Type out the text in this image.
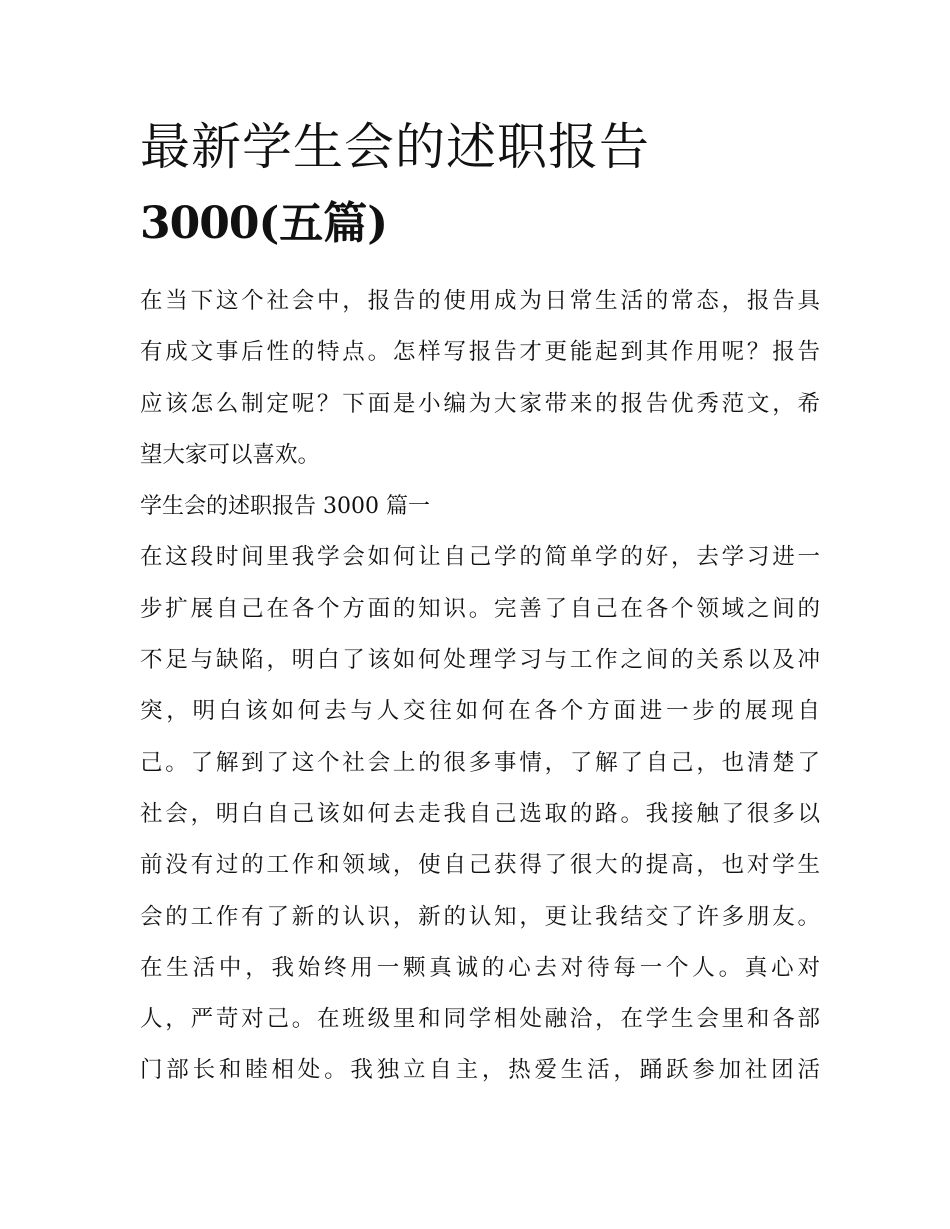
最新学生会的述职报告
3000(五篇)
在当下这个社会中，报告的使用成为日常生活的常态，报告具
有成文事后性的特点。怎样写报告才更能起到其作用呢？报告
应该怎么制定呢？下面是小编为大家带来的报告优秀范文，希
望大家可以喜欢。
学生会的述职报告 3000 篇一
在这段时间里我学会如何让自己学的简单学的好，去学习进一
步扩展自己在各个方面的知识。完善了自己在各个领域之间的
不足与缺陷，明白了该如何处理学习与工作之间的关系以及冲
突，明白该如何去与人交往如何在各个方面进一步的展现自
己。了解到了这个社会上的很多事情，了解了自己，也清楚了
社会，明白自己该如何去走我自己选取的路。我接触了很多以
前没有过的工作和领域，使自己获得了很大的提高，也对学生
会的工作有了新的认识，新的认知，更让我结交了许多朋友。
在生活中，我始终用一颗真诚的心去对待每一个人。真心对
人，严苛对己。在班级里和同学相处融洽，在学生会里和各部
门部长和睦相处。我独立自主，热爱生活，踊跃参加社团活
